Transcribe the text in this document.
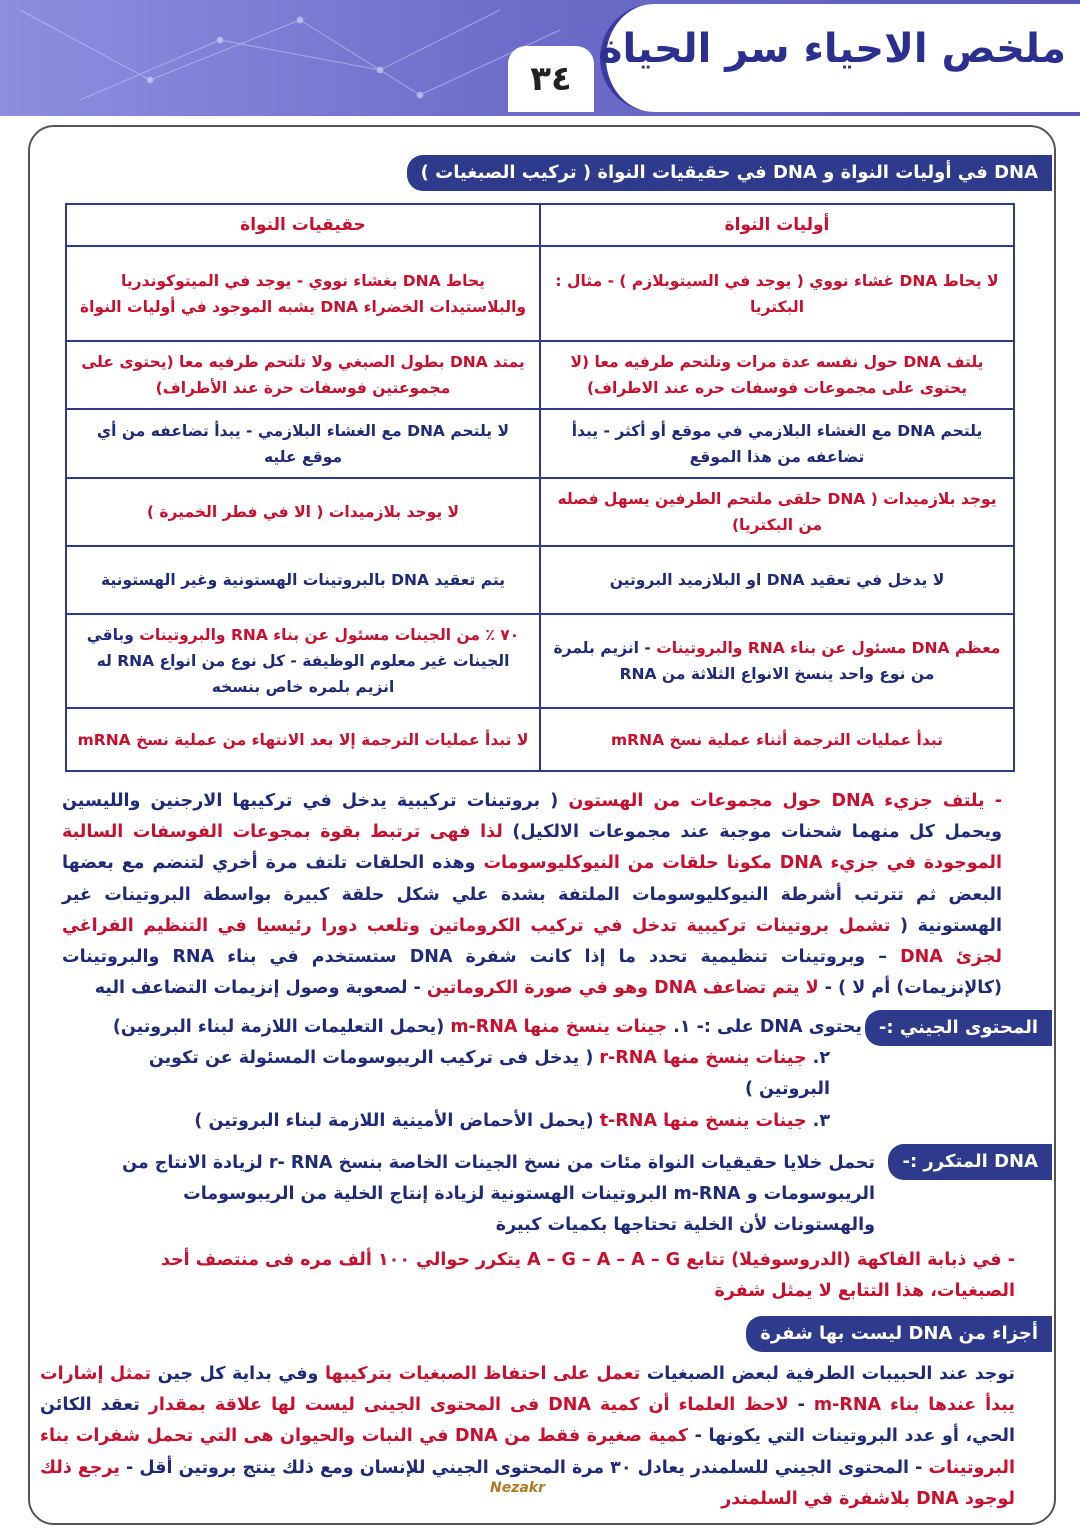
٣٤
ملخص الاحياء سر الحياة
DNA في أوليات النواة و DNA في حقيقيات النواة ( تركيب الصبغيات )
أوليات النواة	حقيقيات النواة
لا يحاط DNA غشاء نووي ( يوجد في السيتوبلازم ) - مثال : البكتريا	يحاط DNA بغشاء نووي - يوجد في الميتوكوندريا والبلاستيدات الخضراء DNA يشبه الموجود في أوليات النواة
يلتف DNA حول نفسه عدة مرات وتلتحم طرفيه معا (لا يحتوى على مجموعات فوسفات حره عند الاطراف)	يمتد DNA بطول الصبغي ولا تلتحم طرفيه معا (يحتوى على مجموعتين فوسفات حرة عند الأطراف)
يلتحم DNA مع الغشاء البلازمي في موقع أو أكثر - يبدأ تضاعفه من هذا الموقع	لا يلتحم DNA مع الغشاء البلازمي - يبدأ تضاعفه من أي موقع عليه
يوجد بلازميدات ( DNA حلقى ملتحم الطرفين يسهل فصله من البكتريا)	لا يوجد بلازميدات ( الا في فطر الخميرة )
لا يدخل في تعقيد DNA او البلازميد البروتين	يتم تعقيد DNA بالبروتينات الهستونية وغير الهستونية
معظم DNA مسئول عن بناء RNA والبروتينات - انزيم بلمرة من نوع واحد ينسخ الانواع الثلاثة من RNA	٧٠ ٪ من الجينات مسئول عن بناء RNA والبروتينات وباقي الجينات غير معلوم الوظيفة - كل نوع من انواع RNA له انزيم بلمره خاص بنسخه
تبدأ عمليات الترجمة أثناء عملية نسخ mRNA	لا تبدأ عمليات الترجمة إلا بعد الانتهاء من عملية نسخ mRNA
- يلتف جزيء DNA حول مجموعات من الهستون ( بروتينات تركيبية يدخل في تركيبها الارجنين والليسين ويحمل كل منهما شحنات موجبة عند مجموعات الالكيل) لذا فهى ترتبط بقوة بمجوعات الفوسفات السالبة الموجودة في جزيء DNA مكونا حلقات من النيوكليوسومات وهذه الحلقات تلتف مرة أخري لتنضم مع بعضها البعض ثم تترتب أشرطة النيوكليوسومات الملتفة بشدة علي شكل حلقة كبيرة بواسطة البروتينات غير الهستونية ( تشمل بروتينات تركيبية تدخل في تركيب الكروماتين وتلعب دورا رئيسيا في التنظيم الفراغي لجزئ DNA – وبروتينات تنظيمية تحدد ما إذا كانت شفرة DNA ستستخدم في بناء RNA والبروتينات (كالإنزيمات) أم لا ) - لا يتم تضاعف DNA وهو في صورة الكروماتين - لصعوبة وصول إنزيمات التضاعف اليه
المحتوى الجيني :-
يحتوى DNA على :- ١. جينات ينسخ منها m-RNA (يحمل التعليمات اللازمة لبناء البروتين)
٢. جينات ينسخ منها r-RNA ( يدخل فى تركيب الريبوسومات المسئولة عن تكوين البروتين )
٣. جينات ينسخ منها t-RNA (يحمل الأحماض الأمينية اللازمة لبناء البروتين )
DNA المتكرر :-
تحمل خلايا حقيقيات النواة مئات من نسخ الجينات الخاصة بنسخ r- RNA لزيادة الانتاج من الريبوسومات و m-RNA البروتينات الهستونية لزيادة إنتاج الخلية من الريبوسومات والهستونات لأن الخلية تحتاجها بكميات كبيرة
- في ذبابة الفاكهة (الدروسوفيلا) تتابع A – G – A – A – G يتكرر حوالي ١٠٠ ألف مره فى منتصف أحد الصبغيات، هذا التتابع لا يمثل شفرة
أجزاء من DNA ليست بها شفرة
توجد عند الحبيبات الطرفية لبعض الصبغيات تعمل على احتفاظ الصبغيات بتركيبها وفي بداية كل جين تمثل إشارات يبدأ عندها بناء m-RNA - لاحظ العلماء أن كمية DNA فى المحتوى الجينى ليست لها علاقة بمقدار تعقد الكائن الحي، أو عدد البروتينات التي يكونها - كمية صغيرة فقط من DNA في النبات والحيوان هى التي تحمل شفرات بناء البروتينات - المحتوى الجيني للسلمندر يعادل ٣٠ مرة المحتوى الجيني للإنسان ومع ذلك ينتج بروتين أقل - يرجع ذلك لوجود DNA بلاشفرة في السلمندر
Nezakr
